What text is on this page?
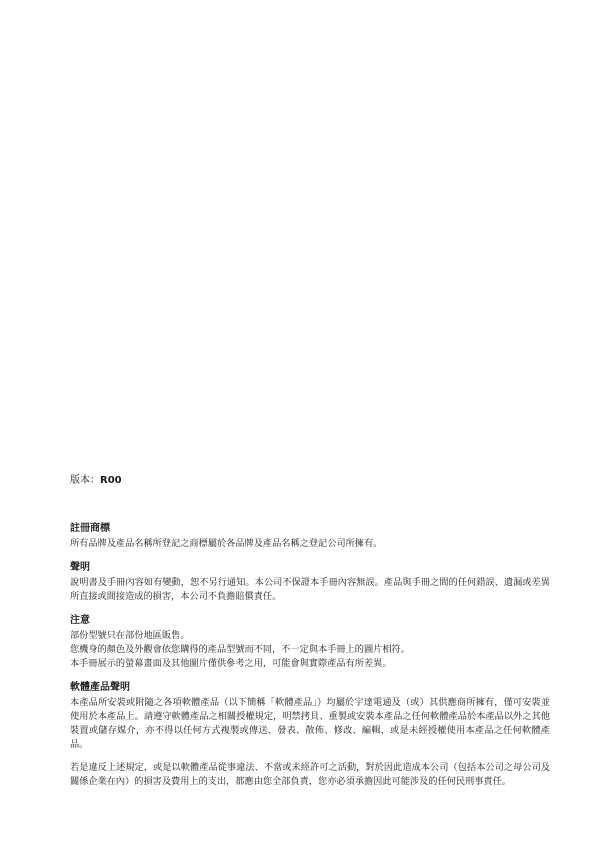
版本：R00
註冊商標

所有品牌及產品名稱所登記之商標屬於各品牌及產品名稱之登記公司所擁有。

聲明

說明書及手冊內容如有變動，恕不另行通知。本公司不保證本手冊內容無誤。產品與手冊之間的任何錯誤、遺漏或差異所直接或間接造成的損害，本公司不負擔賠償責任。

注意

部份型號只在部份地區販售。

您機身的顏色及外觀會依您購得的產品型號而不同，不一定與本手冊上的圖片相符。

本手冊展示的螢幕畫面及其他圖片僅供參考之用，可能會與實際產品有所差異。

軟體產品聲明

本產品所安裝或附隨之各項軟體產品（以下簡稱「軟體產品」）均屬於宇達電通及（或）其供應商所擁有，僅可安裝並使用於本產品上。請遵守軟體產品之相關授權規定，明禁拷貝、重製或安裝本產品之任何軟體產品於本產品以外之其他裝置或儲存媒介，亦不得以任何方式複製或傳送、發表、散佈、修改、編輯，或是未經授權使用本產品之任何軟體產品。

若是違反上述規定，或是以軟體產品從事違法、不當或未經許可之活動，對於因此造成本公司（包括本公司之母公司及關係企業在內）的損害及費用上的支出，都應由您全部負責，您亦必須承擔因此可能涉及的任何民刑事責任。
